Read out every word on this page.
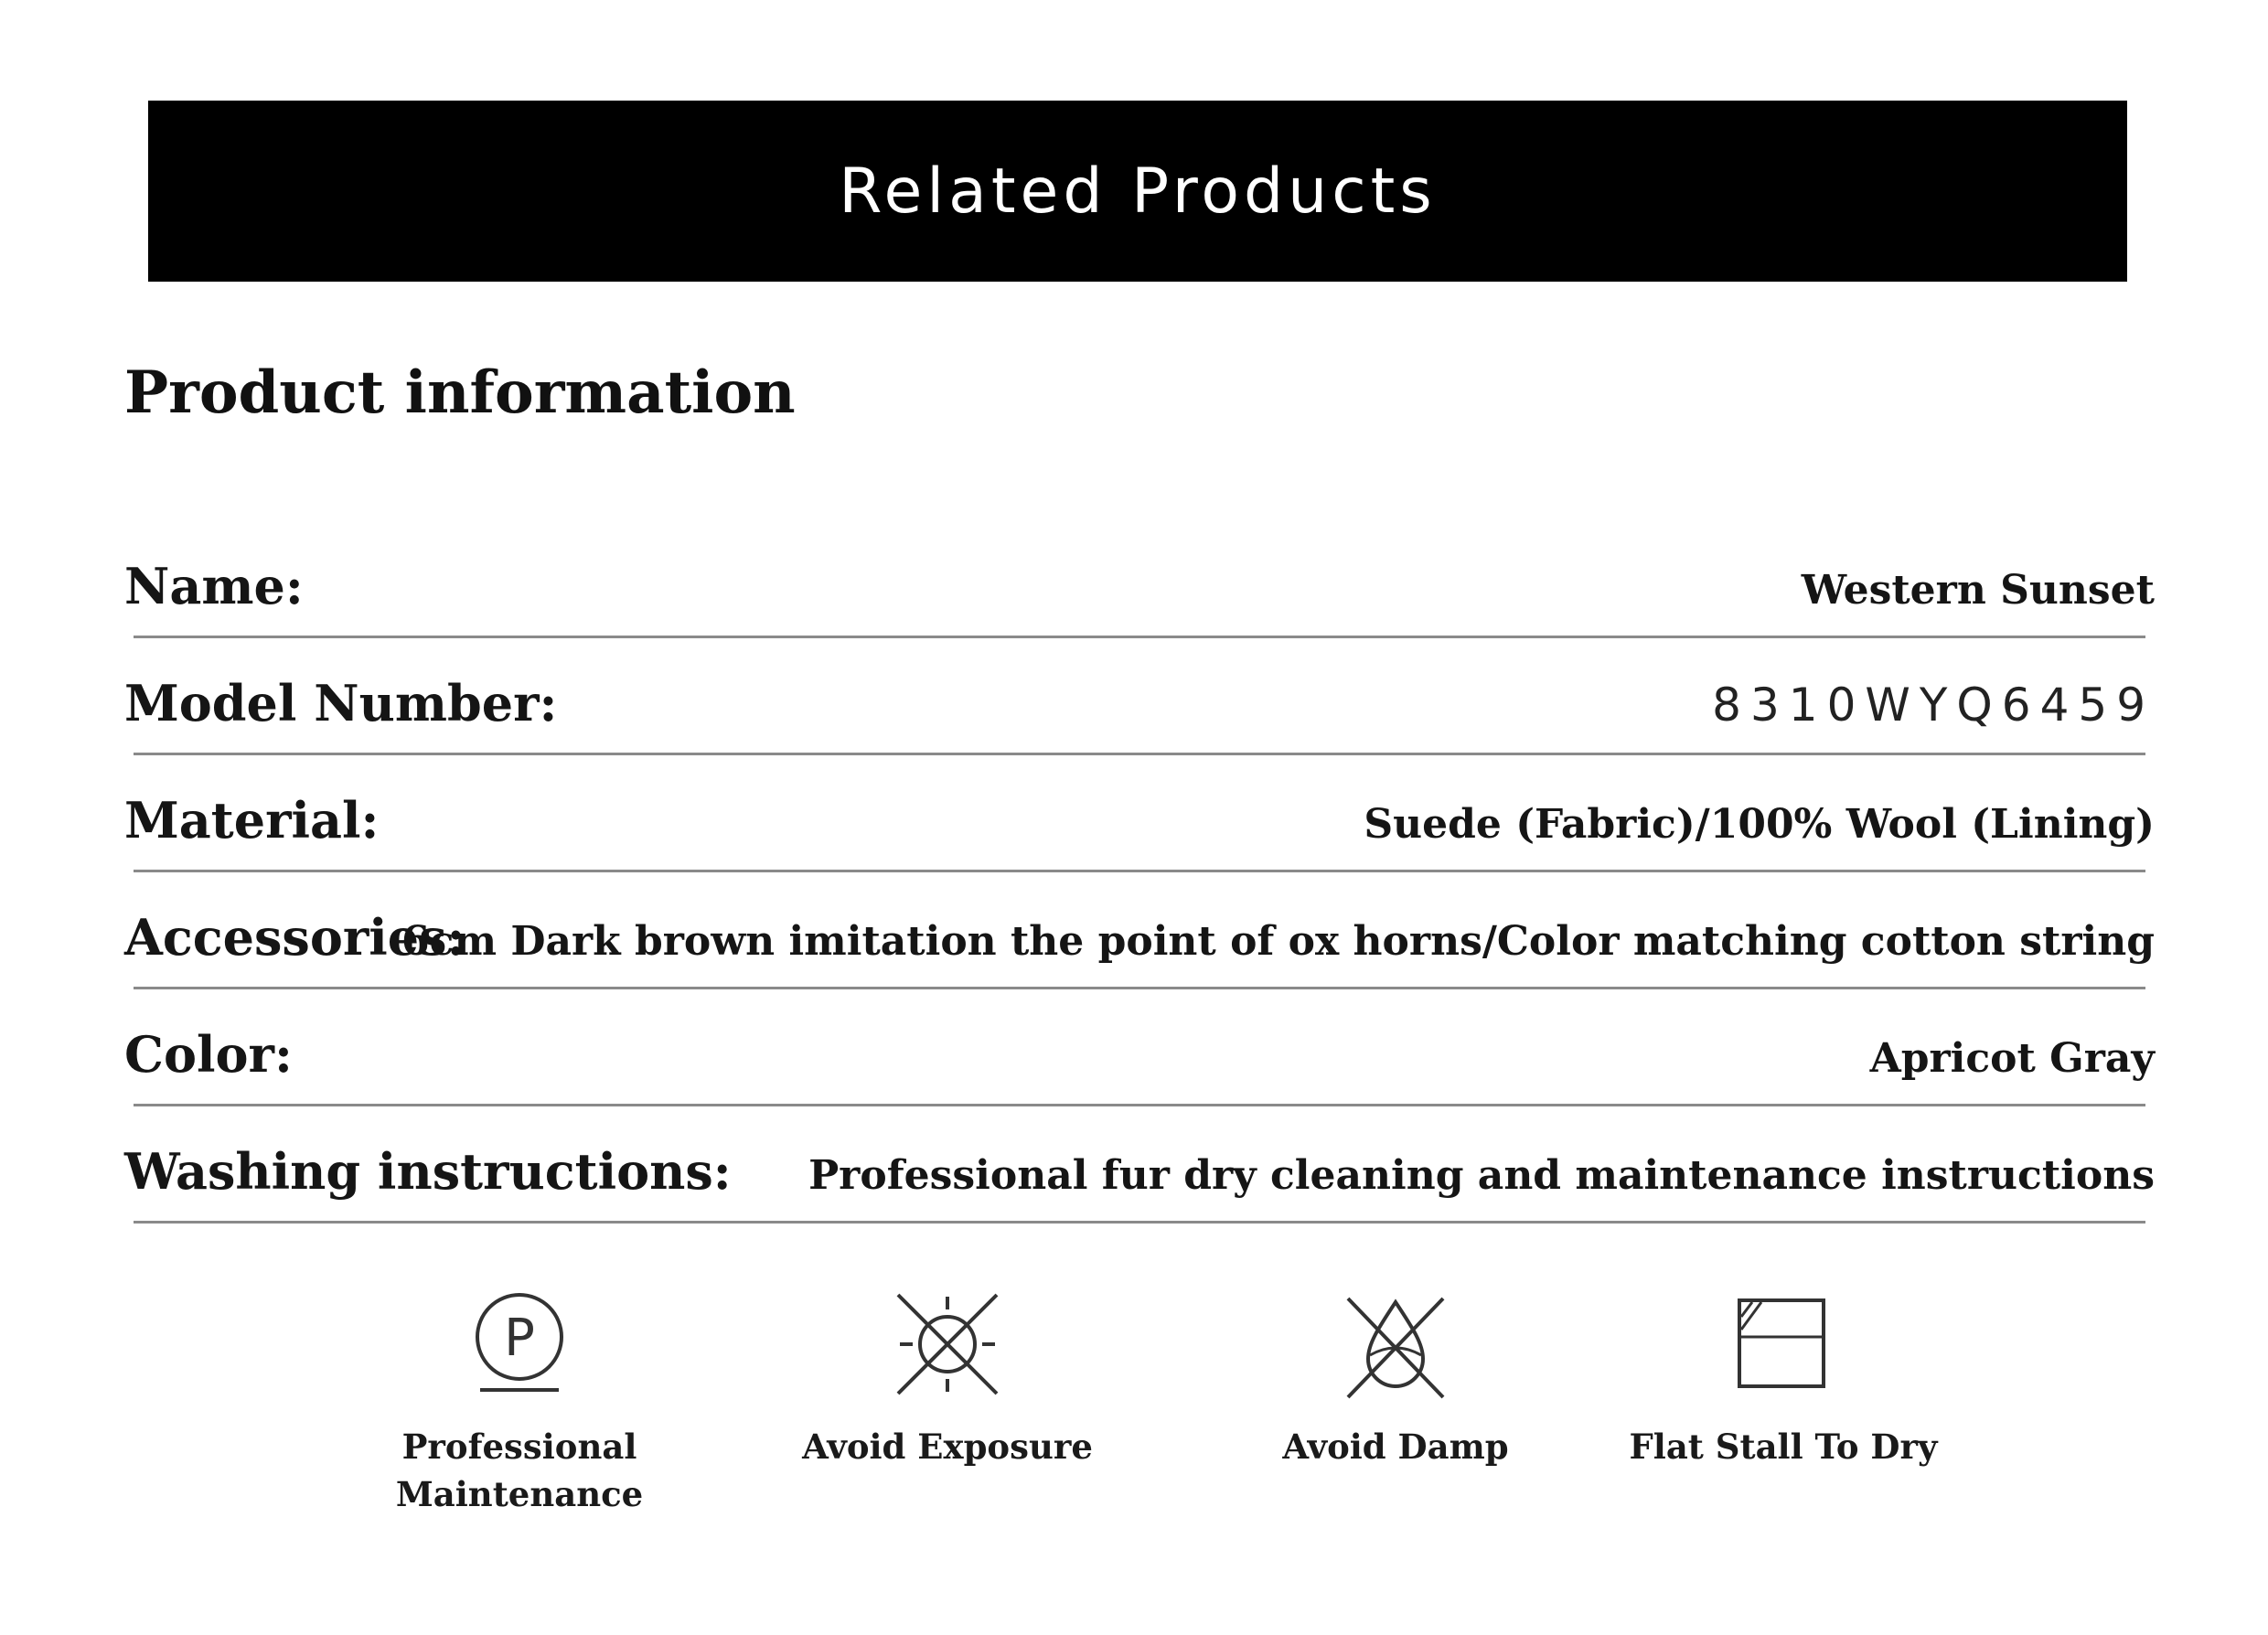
Related Products
Product information
Name:	Western Sunset
Model Number:	8310WYQ6459
Material:	Suede (Fabric)/100% Wool (Lining)
Accessories:
6cm Dark brown imitation the point of ox horns/Color matching cotton string
Color:	Apricot Gray
Washing instructions: Professional fur dry cleaning and maintenance instructions
P
Professional
Maintenance
Avoid Exposure	Avoid Damp	Flat Stall To Dry
